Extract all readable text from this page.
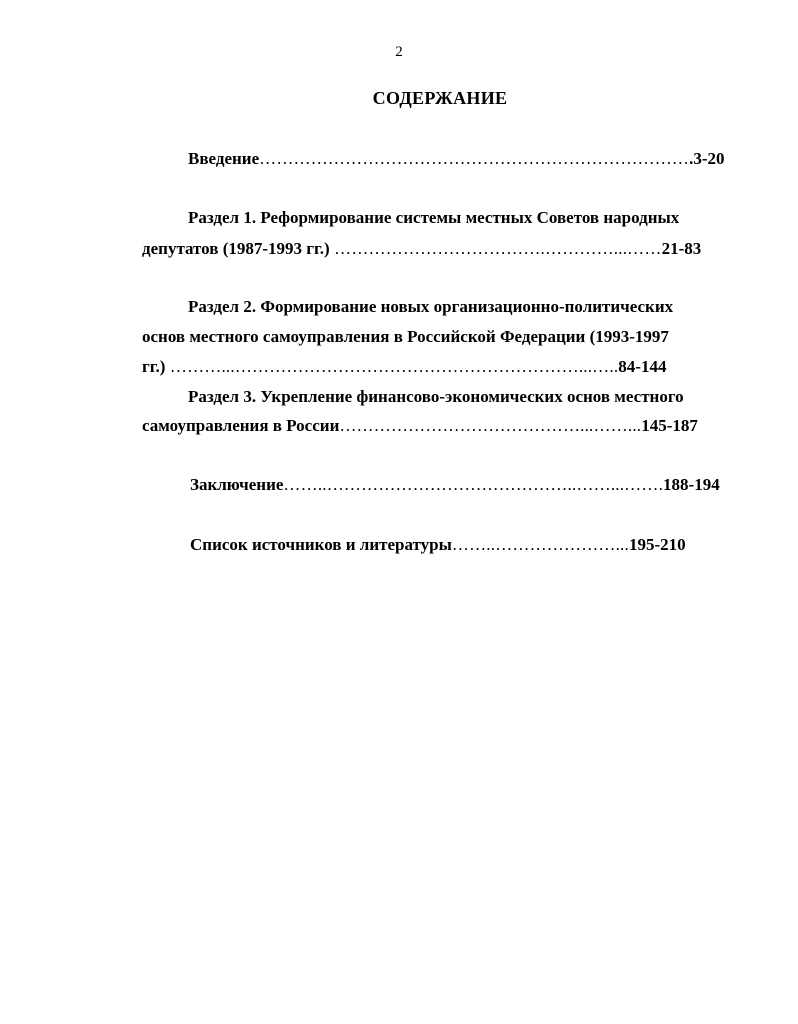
2
СОДЕРЖАНИЕ
Введение………………………………………………………………….3-20
Раздел 1. Реформирование системы местных Советов народных
депутатов (1987-1993 гг.) ……………………………….…………...……21-83
Раздел 2. Формирование новых организационно-политических
основ местного самоуправления в Российской Федерации (1993-1997
гг.) ………...……………………………………………………...…..84-144
Раздел 3. Укрепление финансово-экономических основ местного
самоуправления в России……………………………………...……...145-187
Заключение……..……………………………………..……...…….188-194
Список источников и литературы……..…………………...195-210
